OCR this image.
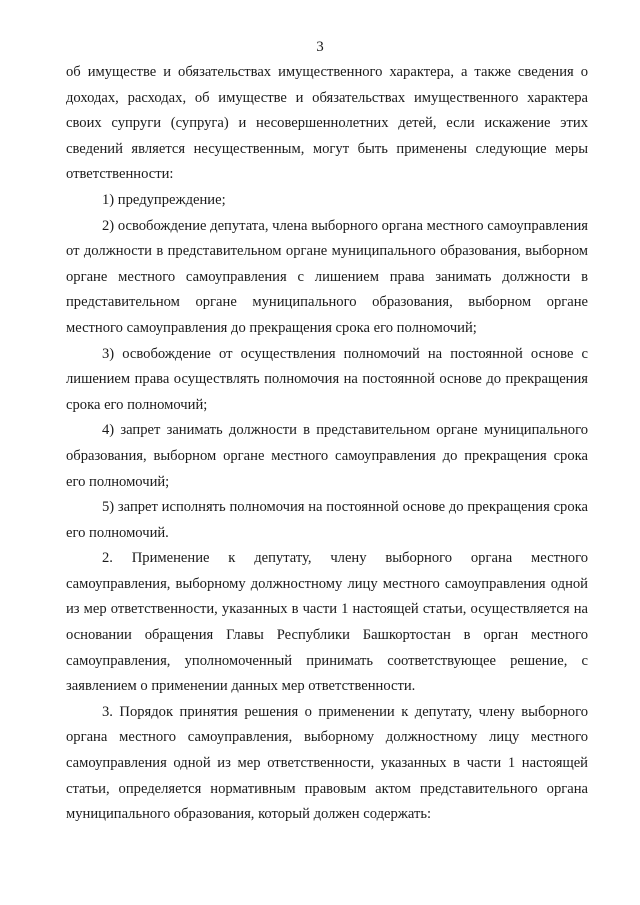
3

об имуществе и обязательствах имущественного характера, а также сведения о доходах, расходах, об имуществе и обязательствах имущественного характера своих супруги (супруга) и несовершеннолетних детей, если искажение этих сведений является несущественным, могут быть применены следующие меры ответственности:

1) предупреждение;

2) освобождение депутата, члена выборного органа местного самоуправления от должности в представительном органе муниципального образования, выборном органе местного самоуправления с лишением права занимать должности в представительном органе муниципального образования, выборном органе местного самоуправления до прекращения срока его полномочий;

3) освобождение от осуществления полномочий на постоянной основе с лишением права осуществлять полномочия на постоянной основе до прекращения срока его полномочий;

4) запрет занимать должности в представительном органе муниципального образования, выборном органе местного самоуправления до прекращения срока его полномочий;

5) запрет исполнять полномочия на постоянной основе до прекращения срока его полномочий.

2. Применение к депутату, члену выборного органа местного самоуправления, выборному должностному лицу местного самоуправления одной из мер ответственности, указанных в части 1 настоящей статьи, осуществляется на основании обращения Главы Республики Башкортостан в орган местного самоуправления, уполномоченный принимать соответствующее решение, с заявлением о применении данных мер ответственности.

3. Порядок принятия решения о применении к депутату, члену выборного органа местного самоуправления, выборному должностному лицу местного самоуправления одной из мер ответственности, указанных в части 1 настоящей статьи, определяется нормативным правовым актом представительного органа муниципального образования, который должен содержать:
